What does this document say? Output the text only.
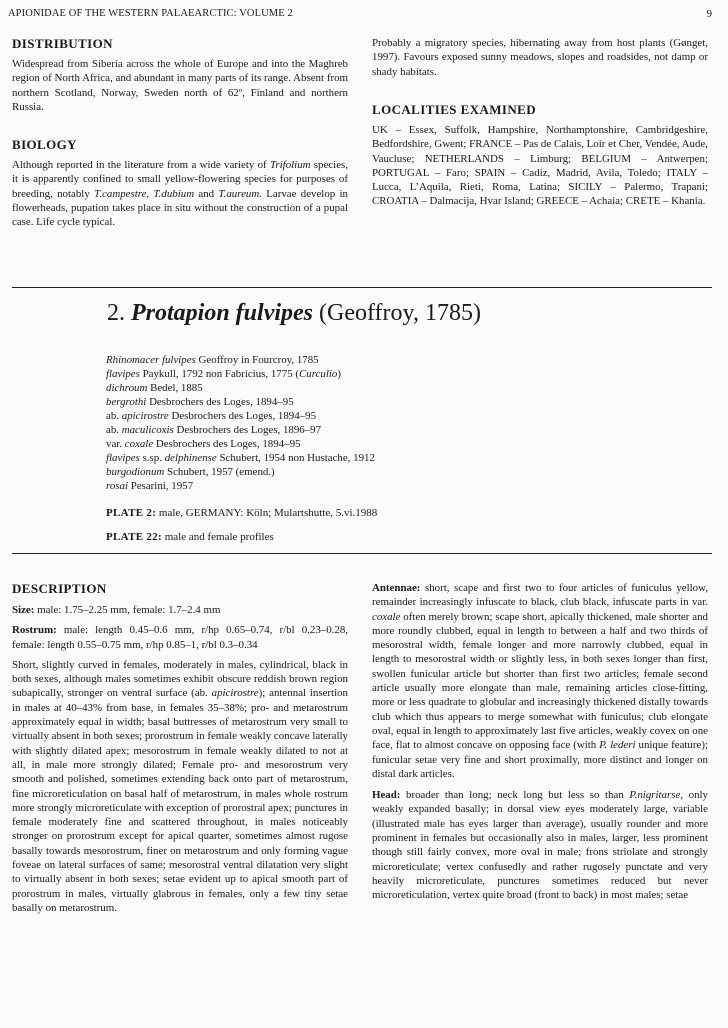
APIONIDAE OF THE WESTERN PALAEARCTIC: VOLUME 2	9
DISTRIBUTION

Widespread from Siberia across the whole of Europe and into the Maghreb region of North Africa, and abundant in many parts of its range. Absent from northern Scotland, Norway, Sweden north of 62º, Finland and northern Russia.

BIOLOGY

Although reported in the literature from a wide variety of Trifolium species, it is apparently confined to small yellow-flowering species for purposes of breeding, notably T.campestre, T.dubium and T.aureum. Larvae develop in flowerheads, pupation takes place in situ without the construction of a pupal case. Life cycle typical.

Probably a migratory species, hibernating away from host plants (Gønget, 1997). Favours exposed sunny meadows, slopes and roadsides, not damp or shady habitats.

LOCALITIES EXAMINED

UK – Essex, Suffolk, Hampshire, Northamptonshire, Cambridgeshire, Bedfordshire, Gwent; FRANCE – Pas de Calais, Loir et Cher, Vendée, Aude, Vaucluse; NETHERLANDS – Limburg; BELGIUM – Antwerpen; PORTUGAL – Faro; SPAIN – Cadiz, Madrid, Avila, Toledo; ITALY – Lucca, L’Aquila, Rieti, Roma, Latina; SICILY – Palermo, Trapani; CROATIA – Dalmacija, Hvar Island; GREECE – Achaia; CRETE – Khania.

2. Protapion fulvipes (Geoffroy, 1785)
Rhinomacer fulvipes Geoffroy in Fourcroy, 1785
flavipes Paykull, 1792 non Fabricius, 1775 (Curculio)
dichroum Bedel, 1885
bergrothi Desbrochers des Loges, 1894–95
ab. apicirostre Desbrochers des Loges, 1894–95
ab. maculicoxis Desbrochers des Loges, 1896–97
var. coxale Desbrochers des Loges, 1894–95
flavipes s.sp. delphinense Schubert, 1954 non Hustache, 1912
burgodionum Schubert, 1957 (emend.)
rosai Pesarini, 1957
PLATE 2: male, GERMANY: Köln; Mulartshutte, 5.vi.1988
PLATE 22: male and female profiles
DESCRIPTION

Size: male: 1.75–2.25 mm, female: 1.7–2.4 mm

Rostrum: male: length 0.45–0.6 mm, r/hp 0.65–0.74, r/bl 0.23–0.28, female: length 0.55–0.75 mm, r/hp 0.85–1, r/bl 0.3–0.34

Short, slightly curved in females, moderately in males, cylindrical, black in both sexes, although males sometimes exhibit obscure reddish brown region subapically, stronger on ventral surface (ab. apicirostre); antennal insertion in males at 40–43% from base, in females 35–38%; pro- and metarostrum approximately equal in width; basal buttresses of metarostrum very small to virtually absent in both sexes; prorostrum in female weakly concave laterally with slightly dilated apex; mesorostrum in female weakly dilated to not at all, in male more strongly dilated; Female pro- and mesorostrum very smooth and polished, sometimes extending back onto part of metarostrum, fine microreticulation on basal half of metarostrum, in males whole rostrum more strongly microreticulate with exception of prorostral apex; punctures in female moderately fine and scattered throughout, in males noticeably stronger on prorostrum except for apical quarter, sometimes almost rugose basally towards mesorostrum, finer on metarostrum and only forming vague foveae on lateral surfaces of same; mesorostral ventral dilatation very slight to virtually absent in both sexes; setae evident up to apical smooth part of prorostrum in males, virtually glabrous in females, only a few tiny setae basally on metarostrum.

Antennae: short, scape and first two to four articles of funiculus yellow, remainder increasingly infuscate to black, club black, infuscate parts in var. coxale often merely brown; scape short, apically thickened, male shorter and more roundly clubbed, equal in length to between a half and two thirds of mesorostral width, female longer and more narrowly clubbed, equal in length to mesorostral width or slightly less, in both sexes longer than first, swollen funicular article but shorter than first two articles; female second article usually more elongate than male, remaining articles close-fitting, more or less quadrate to globular and increasingly thickened distally towards club which thus appears to merge somewhat with funiculus; club elongate oval, equal in length to approximately last five articles, weakly covex on one face, flat to almost concave on opposing face (with P. lederi unique feature); funicular setae very fine and short proximally, more distinct and longer on distal dark articles.

Head: broader than long; neck long but less so than P.nigritarse, only weakly expanded basally; in dorsal view eyes moderately large, variable (illustrated male has eyes larger than average), usually rounder and more prominent in females but occasionally also in males, larger, less prominent though still fairly convex, more oval in male; frons striolate and strongly microreticulate; vertex confusedly and rather rugosely punctate and very heavily microreticulate, punctures sometimes reduced but never microreticulation, vertex quite broad (front to back) in most males; setae
